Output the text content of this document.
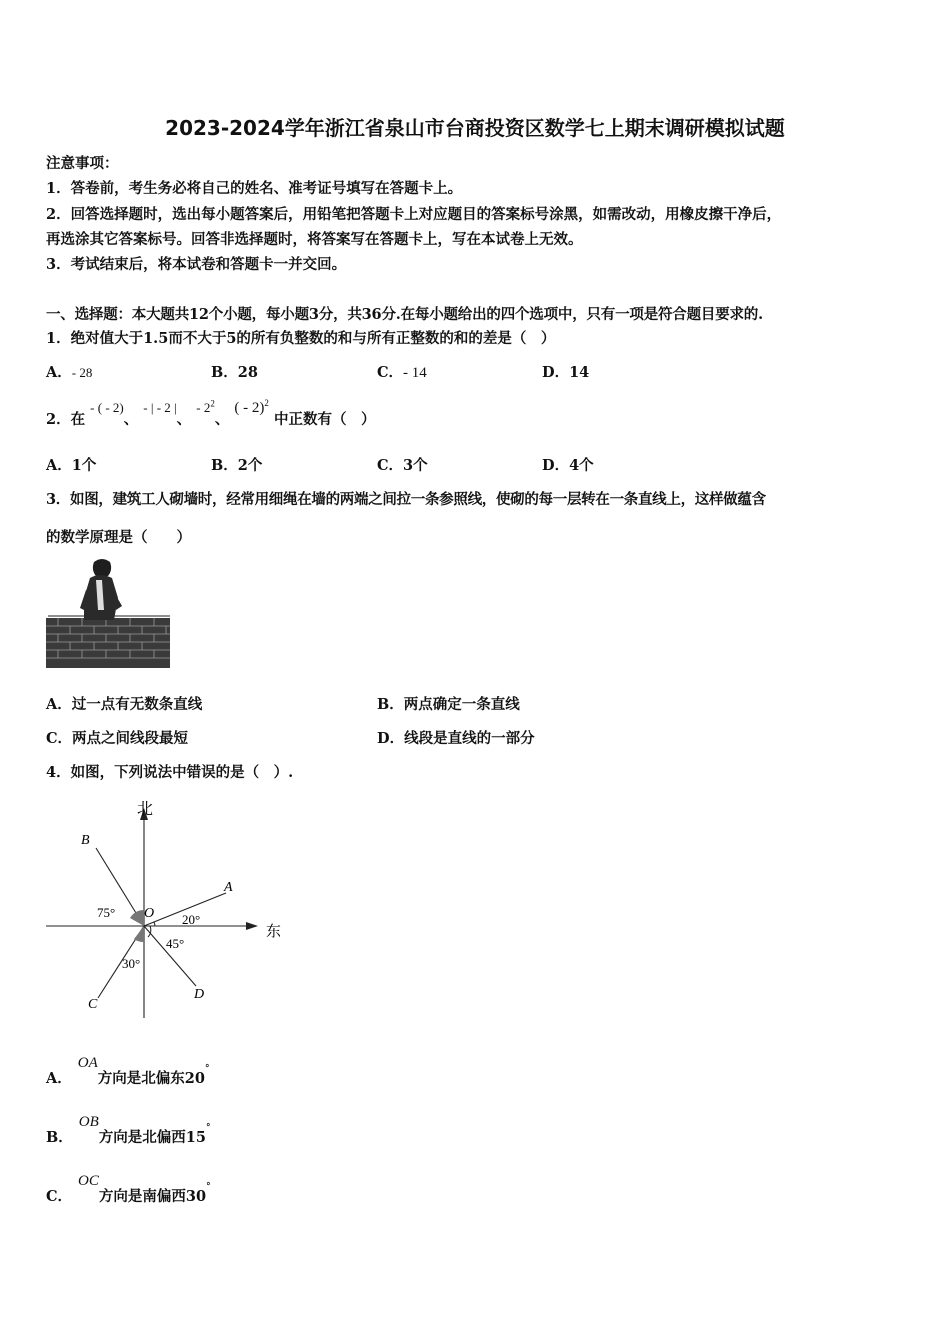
2023-2024学年浙江省泉山市台商投资区数学七上期末调研模拟试题
注意事项：
1．答卷前，考生务必将自己的姓名、准考证号填写在答题卡上。
2．回答选择题时，选出每小题答案后，用铅笔把答题卡上对应题目的答案标号涂黑，如需改动，用橡皮擦干净后，
再选涂其它答案标号。回答非选择题时，将答案写在答题卡上，写在本试卷上无效。
3．考试结束后，将本试卷和答题卡一并交回。
一、选择题：本大题共12个小题，每小题3分，共36分.在每小题给出的四个选项中，只有一项是符合题目要求的.
1．绝对值大于1.5而不大于5的所有负整数的和与所有正整数的和的差是（　）
A．- 28	B．28	C．- 14	D．14
2．在 - ( - 2)、 - | - 2 |、 - $2^2$、 ( - 2)$^2$ 中正数有（　）
A．1个	B．2个	C．3个	D．4个
3．如图，建筑工人砌墙时，经常用细绳在墙的两端之间拉一条参照线，使砌的每一层转在一条直线上，这样做蕴含
的数学原理是（　　）
A．过一点有无数条直线	B．两点确定一条直线
C．两点之间线段最短	D．线段是直线的一部分
4．如图，下列说法中错误的是（　）.
北
东
O
A
B
C
D
75°	20°
45°
30°
A．OA方向是北偏东20°
B．OB方向是北偏西15°
C．OC方向是南偏西30°
